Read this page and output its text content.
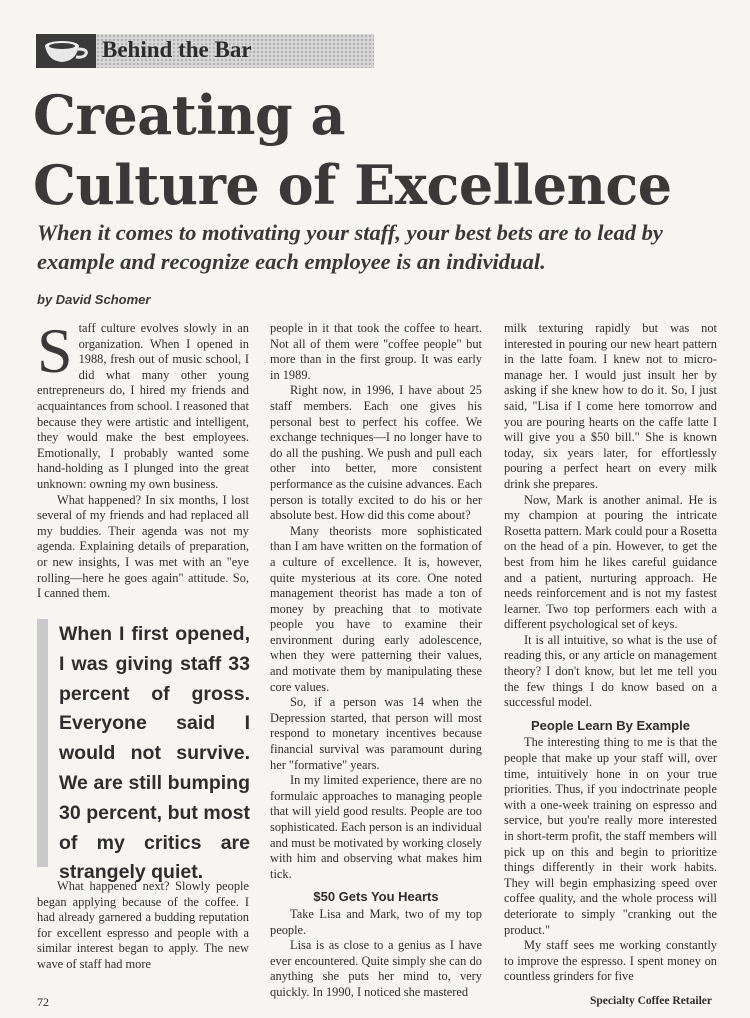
Behind the Bar
Creating a
Culture of Excellence
When it comes to motivating your staff, your best bets are to lead by example and recognize each employee is an individual.
by David Schomer

Staff culture evolves slowly in an organization. When I opened in 1988, fresh out of music school, I did what many other young entrepreneurs do, I hired my friends and acquaintances from school. I reasoned that because they were artistic and intelligent, they would make the best employees. Emotionally, I probably wanted some hand-holding as I plunged into the great unknown: owning my own business.

What happened? In six months, I lost several of my friends and had replaced all my buddies. Their agenda was not my agenda. Explaining details of preparation, or new insights, I was met with an "eye rolling—here he goes again" attitude. So, I canned them.

When I first opened, I was giving staff 33 percent of gross. Everyone said I would not survive. We are still bumping 30 percent, but most of my critics are strangely quiet.

What happened next? Slowly people began applying because of the coffee. I had already garnered a budding reputation for excellent espresso and people with a similar interest began to apply. The new wave of staff had more

people in it that took the coffee to heart. Not all of them were "coffee people" but more than in the first group. It was early in 1989.

Right now, in 1996, I have about 25 staff members. Each one gives his personal best to perfect his coffee. We exchange techniques—I no longer have to do all the pushing. We push and pull each other into better, more consistent performance as the cuisine advances. Each person is totally excited to do his or her absolute best. How did this come about?

Many theorists more sophisticated than I am have written on the formation of a culture of excellence. It is, however, quite mysterious at its core. One noted management theorist has made a ton of money by preaching that to motivate people you have to examine their environment during early adolescence, when they were patterning their values, and motivate them by manipulating these core values.

So, if a person was 14 when the Depression started, that person will most respond to monetary incentives because financial survival was paramount during her "formative" years.

In my limited experience, there are no formulaic approaches to managing people that will yield good results. People are too sophisticated. Each person is an individual and must be motivated by working closely with him and observing what makes him tick.

$50 Gets You Hearts

Take Lisa and Mark, two of my top people.

Lisa is as close to a genius as I have ever encountered. Quite simply she can do anything she puts her mind to, very quickly. In 1990, I noticed she mastered

milk texturing rapidly but was not interested in pouring our new heart pattern in the latte foam. I knew not to micro-manage her. I would just insult her by asking if she knew how to do it. So, I just said, "Lisa if I come here tomorrow and you are pouring hearts on the caffe latte I will give you a $50 bill." She is known today, six years later, for effortlessly pouring a perfect heart on every milk drink she prepares.

Now, Mark is another animal. He is my champion at pouring the intricate Rosetta pattern. Mark could pour a Rosetta on the head of a pin. However, to get the best from him he likes careful guidance and a patient, nurturing approach. He needs reinforcement and is not my fastest learner. Two top performers each with a different psychological set of keys.

It is all intuitive, so what is the use of reading this, or any article on management theory? I don't know, but let me tell you the few things I do know based on a successful model.

People Learn By Example

The interesting thing to me is that the people that make up your staff will, over time, intuitively hone in on your true priorities. Thus, if you indoctrinate people with a one-week training on espresso and service, but you're really more interested in short-term profit, the staff members will pick up on this and begin to prioritize things differently in their work habits. They will begin emphasizing speed over coffee quality, and the whole process will deteriorate to simply "cranking out the product."

My staff sees me working constantly to improve the espresso. I spent money on countless grinders for five

72	Specialty Coffee Retailer
